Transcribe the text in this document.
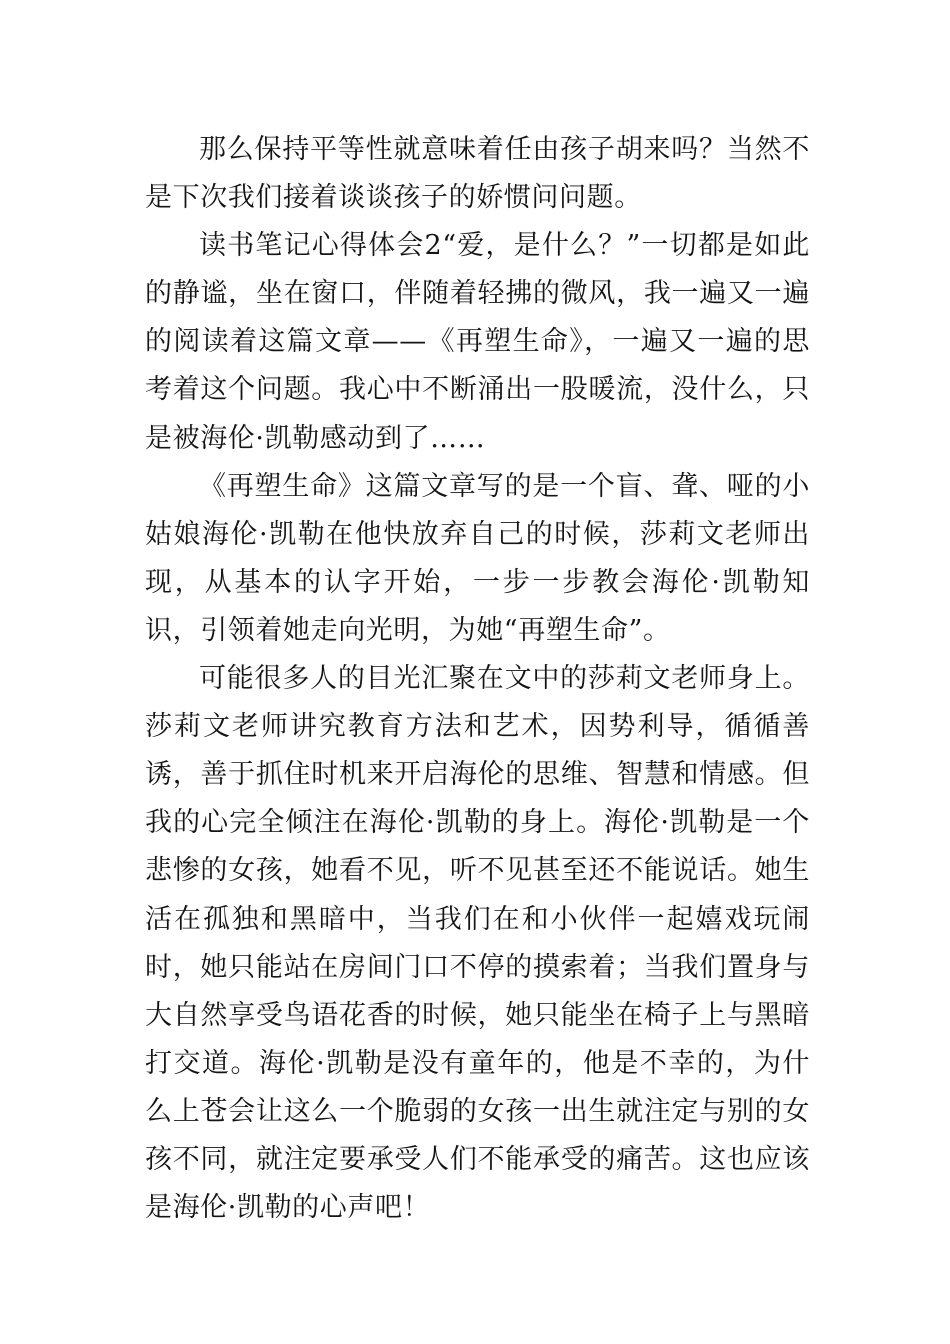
那么保持平等性就意味着任由孩子胡来吗？当然不是下次我们接着谈谈孩子的娇惯问问题。

读书笔记心得体会2“爱，是什么？”一切都是如此的静谧，坐在窗口，伴随着轻拂的微风，我一遍又一遍的阅读着这篇文章——《再塑生命》，一遍又一遍的思考着这个问题。我心中不断涌出一股暖流，没什么，只是被海伦·凯勒感动到了……

《再塑生命》这篇文章写的是一个盲、聋、哑的小姑娘海伦·凯勒在他快放弃自己的时候，莎莉文老师出现，从基本的认字开始，一步一步教会海伦·凯勒知识，引领着她走向光明，为她“再塑生命”。

可能很多人的目光汇聚在文中的莎莉文老师身上。莎莉文老师讲究教育方法和艺术，因势利导，循循善诱，善于抓住时机来开启海伦的思维、智慧和情感。但我的心完全倾注在海伦·凯勒的身上。海伦·凯勒是一个悲惨的女孩，她看不见，听不见甚至还不能说话。她生活在孤独和黑暗中，当我们在和小伙伴一起嬉戏玩闹时，她只能站在房间门口不停的摸索着；当我们置身与大自然享受鸟语花香的时候，她只能坐在椅子上与黑暗打交道。海伦·凯勒是没有童年的，他是不幸的，为什么上苍会让这么一个脆弱的女孩一出生就注定与别的女孩不同，就注定要承受人们不能承受的痛苦。这也应该是海伦·凯勒的心声吧！
